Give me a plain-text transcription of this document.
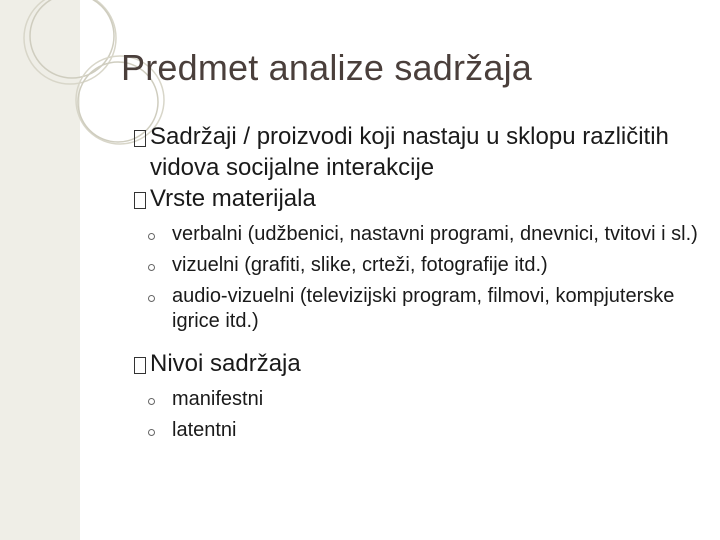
Predmet analize sadržaja
Sadržaji / proizvodi koji nastaju u sklopu različitih vidova socijalne interakcije
Vrste materijala
verbalni (udžbenici, nastavni programi, dnevnici, tvitovi i sl.)
vizuelni (grafiti, slike, crteži, fotografije itd.)
audio-vizuelni (televizijski program, filmovi, kompjuterske igrice itd.)
Nivoi sadržaja
manifestni
latentni
